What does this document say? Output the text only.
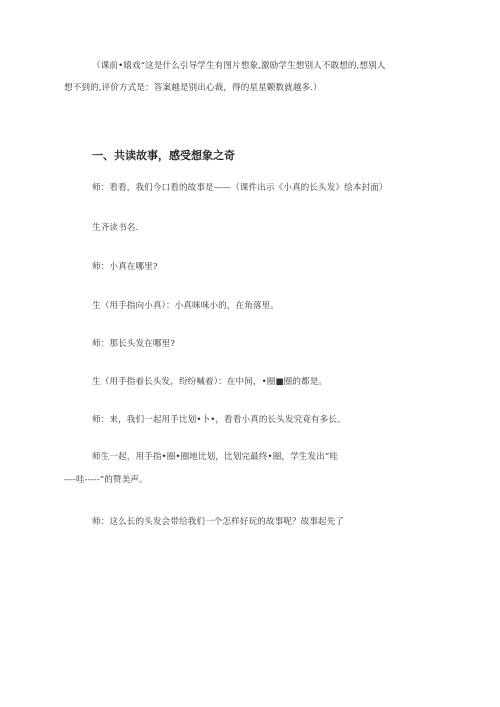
（课前•嬉戏“这是什么引导学生有图片想象,激励学生想别人不敢想的,想别人
想不到的,评价方式是：答案越是别出心裁，得的星星颗数就越多.）
一、共读故事，感受想象之奇
师：看看，我们今口看的故事是——（课件出示《小真的长头发》绘本封面）
生齐读书名.
师：小真在哪里?
生（用手指向小真）：小真咪咪小的，在角落里。
师：那长头发在哪里?
生（用手指着长头发，纷纷喊着）：在中间，•圈■圈的都是。
师：来，我们一起用手比划•卜•，看看小真的长头发究竟有多长。
师生一起，用手指•圈•圈地比划，比划完最终•圈，学生发出“哇
----哇-----”的赞美声。
师：这么长的头发会带给我们一个怎样好玩的故事呢？故事起先了
